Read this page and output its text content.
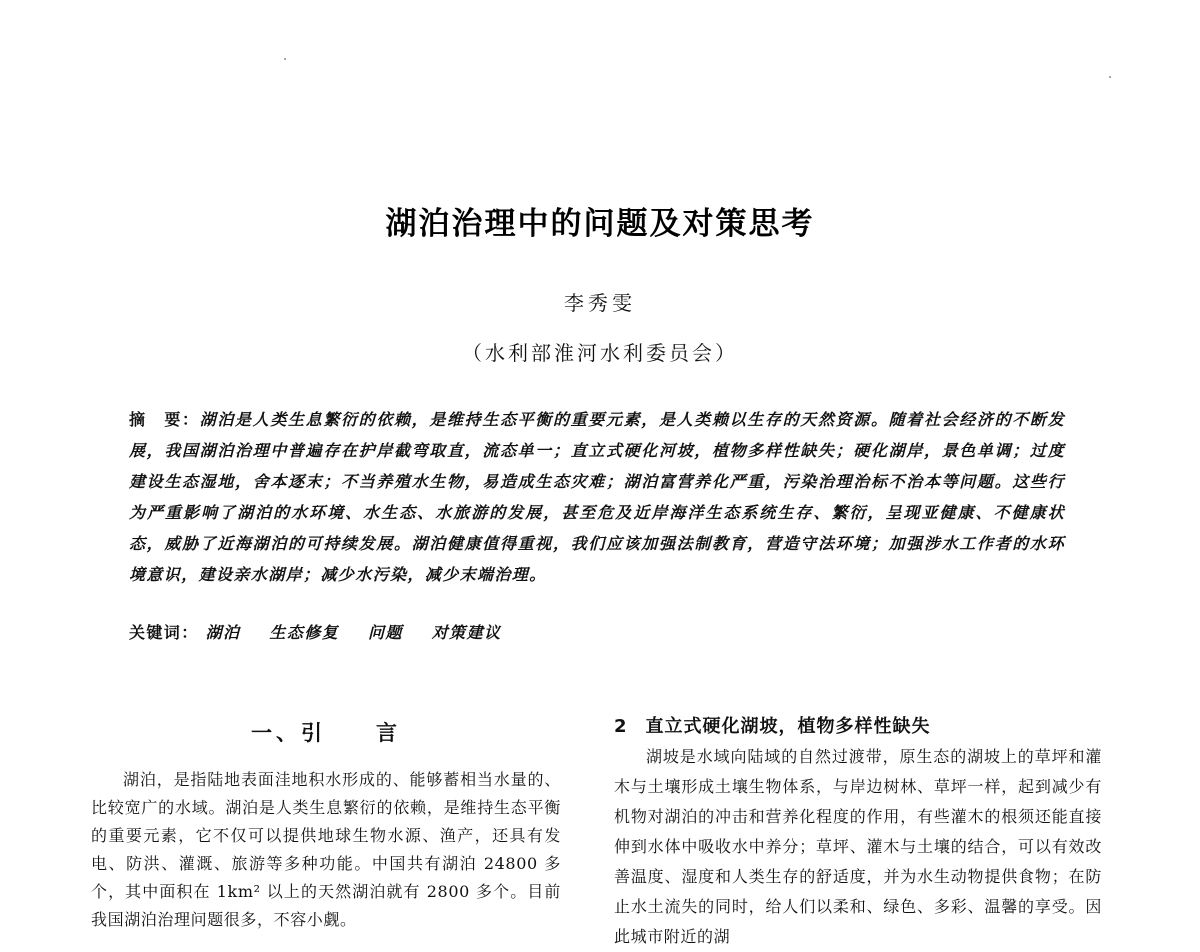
湖泊治理中的问题及对策思考
李秀雯
（水利部淮河水利委员会）
摘　要：湖泊是人类生息繁衍的依赖，是维持生态平衡的重要元素，是人类赖以生存的天然资源。随着社会经济的不断发展，我国湖泊治理中普遍存在护岸截弯取直，流态单一；直立式硬化河坡，植物多样性缺失；硬化湖岸，景色单调；过度建设生态湿地，舍本逐末；不当养殖水生物，易造成生态灾难；湖泊富营养化严重，污染治理治标不治本等问题。这些行为严重影响了湖泊的水环境、水生态、水旅游的发展，甚至危及近岸海洋生态系统生存、繁衍，呈现亚健康、不健康状态，威胁了近海湖泊的可持续发展。湖泊健康值得重视，我们应该加强法制教育，营造守法环境；加强涉水工作者的水环境意识，建设亲水湖岸；减少水污染，减少末端治理。
关键词： 湖泊 生态修复 问题 对策建议
一、引　　言

湖泊，是指陆地表面洼地积水形成的、能够蓄相当水量的、比较宽广的水域。湖泊是人类生息繁衍的依赖，是维持生态平衡的重要元素，它不仅可以提供地球生物水源、渔产，还具有发电、防洪、灌溉、旅游等多种功能。中国共有湖泊 24800 多个，其中面积在 1km² 以上的天然湖泊就有 2800 多个。目前我国湖泊治理问题很多，不容小觑。

2 直立式硬化湖坡，植物多样性缺失

湖坡是水域向陆域的自然过渡带，原生态的湖坡上的草坪和灌木与土壤形成土壤生物体系，与岸边树林、草坪一样，起到减少有机物对湖泊的冲击和营养化程度的作用，有些灌木的根须还能直接伸到水体中吸收水中养分；草坪、灌木与土壤的结合，可以有效改善温度、湿度和人类生存的舒适度，并为水生动物提供食物；在防止水土流失的同时，给人们以柔和、绿色、多彩、温馨的享受。因此城市附近的湖
